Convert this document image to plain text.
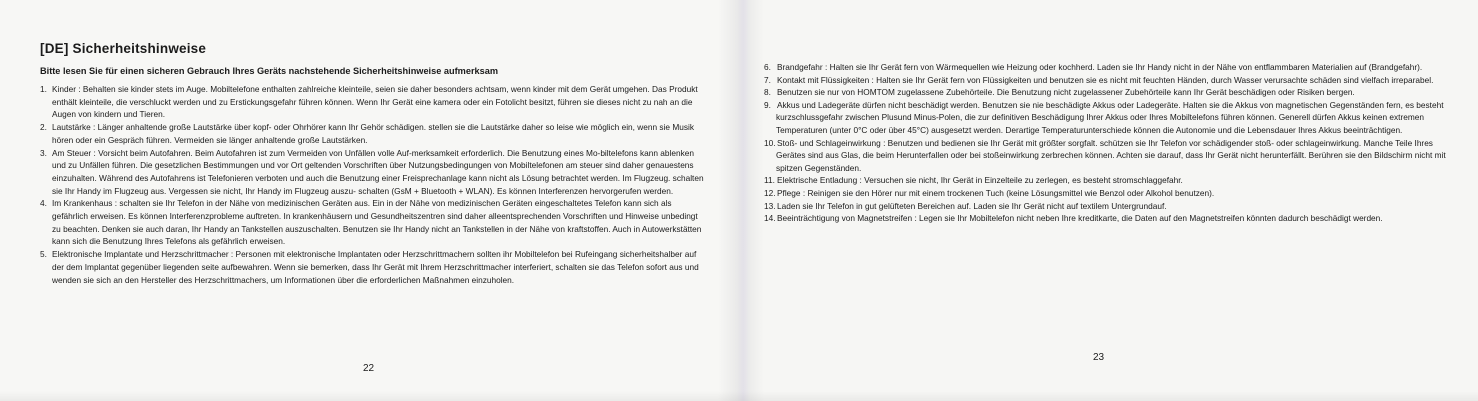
[DE] Sicherheitshinweise
Bitte lesen Sie für einen sicheren Gebrauch Ihres Geräts nachstehende Sicherheitshinweise aufmerksam
1. Kinder : Behalten sie kinder stets im Auge. Mobiltelefone enthalten zahlreiche kleinteile, seien sie daher besonders achtsam, wenn kinder mit dem Gerät umgehen. Das Produkt enthält kleinteile, die verschluckt werden und zu Erstickungsgefahr führen können. Wenn Ihr Gerät eine kamera oder ein Fotolicht besitzt, führen sie dieses nicht zu nah an die Augen von kindern und Tieren.
2. Lautstärke : Länger anhaltende große Lautstärke über kopf- oder Ohrhörer kann Ihr Gehör schädigen. stellen sie die Lautstärke daher so leise wie möglich ein, wenn sie Musik hören oder ein Gespräch führen. Vermeiden sie länger anhaltende große Lautstärken.
3. Am Steuer : Vorsicht beim Autofahren. Beim Autofahren ist zum Vermeiden von Unfällen volle Auf-merksamkeit erforderlich. Die Benutzung eines Mo-biltelefons kann ablenken und zu Unfällen führen. Die gesetzlichen Bestimmungen und vor Ort geltenden Vorschriften über Nutzungsbedingungen von Mobiltelefonen am steuer sind daher genauestens einzuhalten. Während des Autofahrens ist Telefonieren verboten und auch die Benutzung einer Freisprechanlage kann nicht als Lösung betrachtet werden. Im Flugzeug. schalten sie Ihr Handy im Flugzeug aus. Vergessen sie nicht, Ihr Handy im Flugzeug auszu- schalten (GsM + Bluetooth + WLAN). Es können Interferenzen hervorgerufen werden.
4. Im Krankenhaus : schalten sie Ihr Telefon in der Nähe von medizinischen Geräten aus. Ein in der Nähe von medizinischen Geräten eingeschaltetes Telefon kann sich als gefährlich erweisen. Es können Interferenzprobleme auftreten. In krankenhäusern und Gesundheitszentren sind daher alleentsprechenden Vorschriften und Hinweise unbedingt zu beachten. Denken sie auch daran, Ihr Handy an Tankstellen auszuschalten. Benutzen sie Ihr Handy nicht an Tankstellen in der Nähe von kraftstoffen. Auch in Autowerkstätten kann sich die Benutzung Ihres Telefons als gefährlich erweisen.
5. Elektronische Implantate und Herzschrittmacher : Personen mit elektronische Implantaten oder Herzschrittmachern sollten ihr Mobiltelefon bei Rufeingang sicherheitshalber auf der dem Implantat gegenüber liegenden seite aufbewahren. Wenn sie bemerken, dass Ihr Gerät mit Ihrem Herzschrittmacher interferiert, schalten sie das Telefon sofort aus und wenden sie sich an den Hersteller des Herzschrittmachers, um Informationen über die erforderlichen Maßnahmen einzuholen.
22
6. Brandgefahr : Halten sie Ihr Gerät fern von Wärmequellen wie Heizung oder kochherd. Laden sie Ihr Handy nicht in der Nähe von entflammbaren Materialien auf (Brandgefahr).
7. Kontakt mit Flüssigkeiten : Halten sie Ihr Gerät fern von Flüssigkeiten und benutzen sie es nicht mit feuchten Händen, durch Wasser verursachte schäden sind vielfach irreparabel.
8. Benutzen sie nur von HOMTOM zugelassene Zubehörteile. Die Benutzung nicht zugelassener Zubehörteile kann Ihr Gerät beschädigen oder Risiken bergen.
9. Akkus und Ladegeräte dürfen nicht beschädigt werden. Benutzen sie nie beschädigte Akkus oder Ladegeräte. Halten sie die Akkus von magnetischen Gegenständen fern, es besteht kurzschlussgefahr zwischen Plusund Minus-Polen, die zur definitiven Beschädigung Ihrer Akkus oder Ihres Mobiltelefons führen können. Generell dürfen Akkus keinen extremen Temperaturen (unter 0°C oder über 45°C) ausgesetzt werden. Derartige Temperaturunterschiede können die Autonomie und die Lebensdauer Ihres Akkus beeinträchtigen.
10.Stoß- und Schlageinwirkung : Benutzen und bedienen sie Ihr Gerät mit größter sorgfalt. schützen sie Ihr Telefon vor schädigender stoß- oder schlageinwirkung. Manche Teile Ihres Gerätes sind aus Glas, die beim Herunterfallen oder bei stoßeinwirkung zerbrechen können. Achten sie darauf, dass Ihr Gerät nicht herunterfällt. Berühren sie den Bildschirm nicht mit spitzen Gegenständen.
11. Elektrische Entladung : Versuchen sie nicht, Ihr Gerät in Einzelteile zu zerlegen, es besteht stromschlaggefahr.
12.Pflege : Reinigen sie den Hörer nur mit einem trockenen Tuch (keine Lösungsmittel wie Benzol oder Alkohol benutzen).
13.Laden sie Ihr Telefon in gut gelüfteten Bereichen auf. Laden sie Ihr Gerät nicht auf textilem Untergrundauf.
14.Beeinträchtigung von Magnetstreifen : Legen sie Ihr Mobiltelefon nicht neben Ihre kreditkarte, die Daten auf den Magnetstreifen könnten dadurch beschädigt werden.
23
